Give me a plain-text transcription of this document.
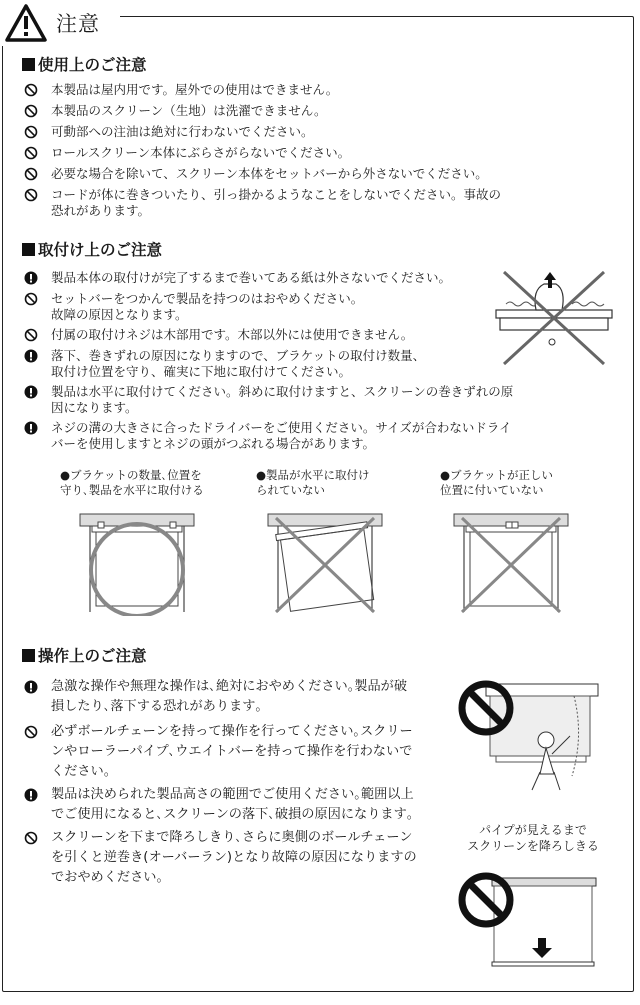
注意
使用上のご注意
取付け上のご注意
操作上のご注意
本製品は屋内用です。屋外での使用はできません。
本製品のスクリーン（生地）は洗濯できません。
可動部への注油は絶対に行わないでください。
ロールスクリーン本体にぶらさがらないでください。
必要な場合を除いて、スクリーン本体をセットバーから外さないでください。
コードが体に巻きついたり、引っ掛かるようなことをしないでください。事故の
恐れがあります。
製品本体の取付けが完了するまで巻いてある紙は外さないでください。
セットバーをつかんで製品を持つのはおやめください。
故障の原因となります。
付属の取付けネジは木部用です。木部以外には使用できません。
落下、巻きずれの原因になりますので、ブラケットの取付け数量、
取付け位置を守り、確実に下地に取付けてください。
製品は水平に取付けてください。斜めに取付けますと、スクリーンの巻きずれの原
因になります。
ネジの溝の大きさに合ったドライバーをご使用ください。サイズが合わないドライ
バーを使用しますとネジの頭がつぶれる場合があります。
急激な操作や無理な操作は､絶対におやめください｡製品が破
損したり､落下する恐れがあります｡
必ずボールチェーンを持って操作を行ってください｡スクリー
ンやローラーパイプ､ウエイトバーを持って操作を行わないで
ください｡
製品は決められた製品高さの範囲でご使用ください｡範囲以上
でご使用になると､スクリーンの落下､破損の原因になります｡
スクリーンを下まで降ろしきり､さらに奥側のボールチェーン
を引くと逆巻き(オーバーラン)となり故障の原因になりますの
でおやめください｡
●ブラケットの数量､位置を
守り､製品を水平に取付ける
●製品が水平に取付け
られていない
●ブラケットが正しい
位置に付いていない
パイプが見えるまで
スクリーンを降ろしきる
